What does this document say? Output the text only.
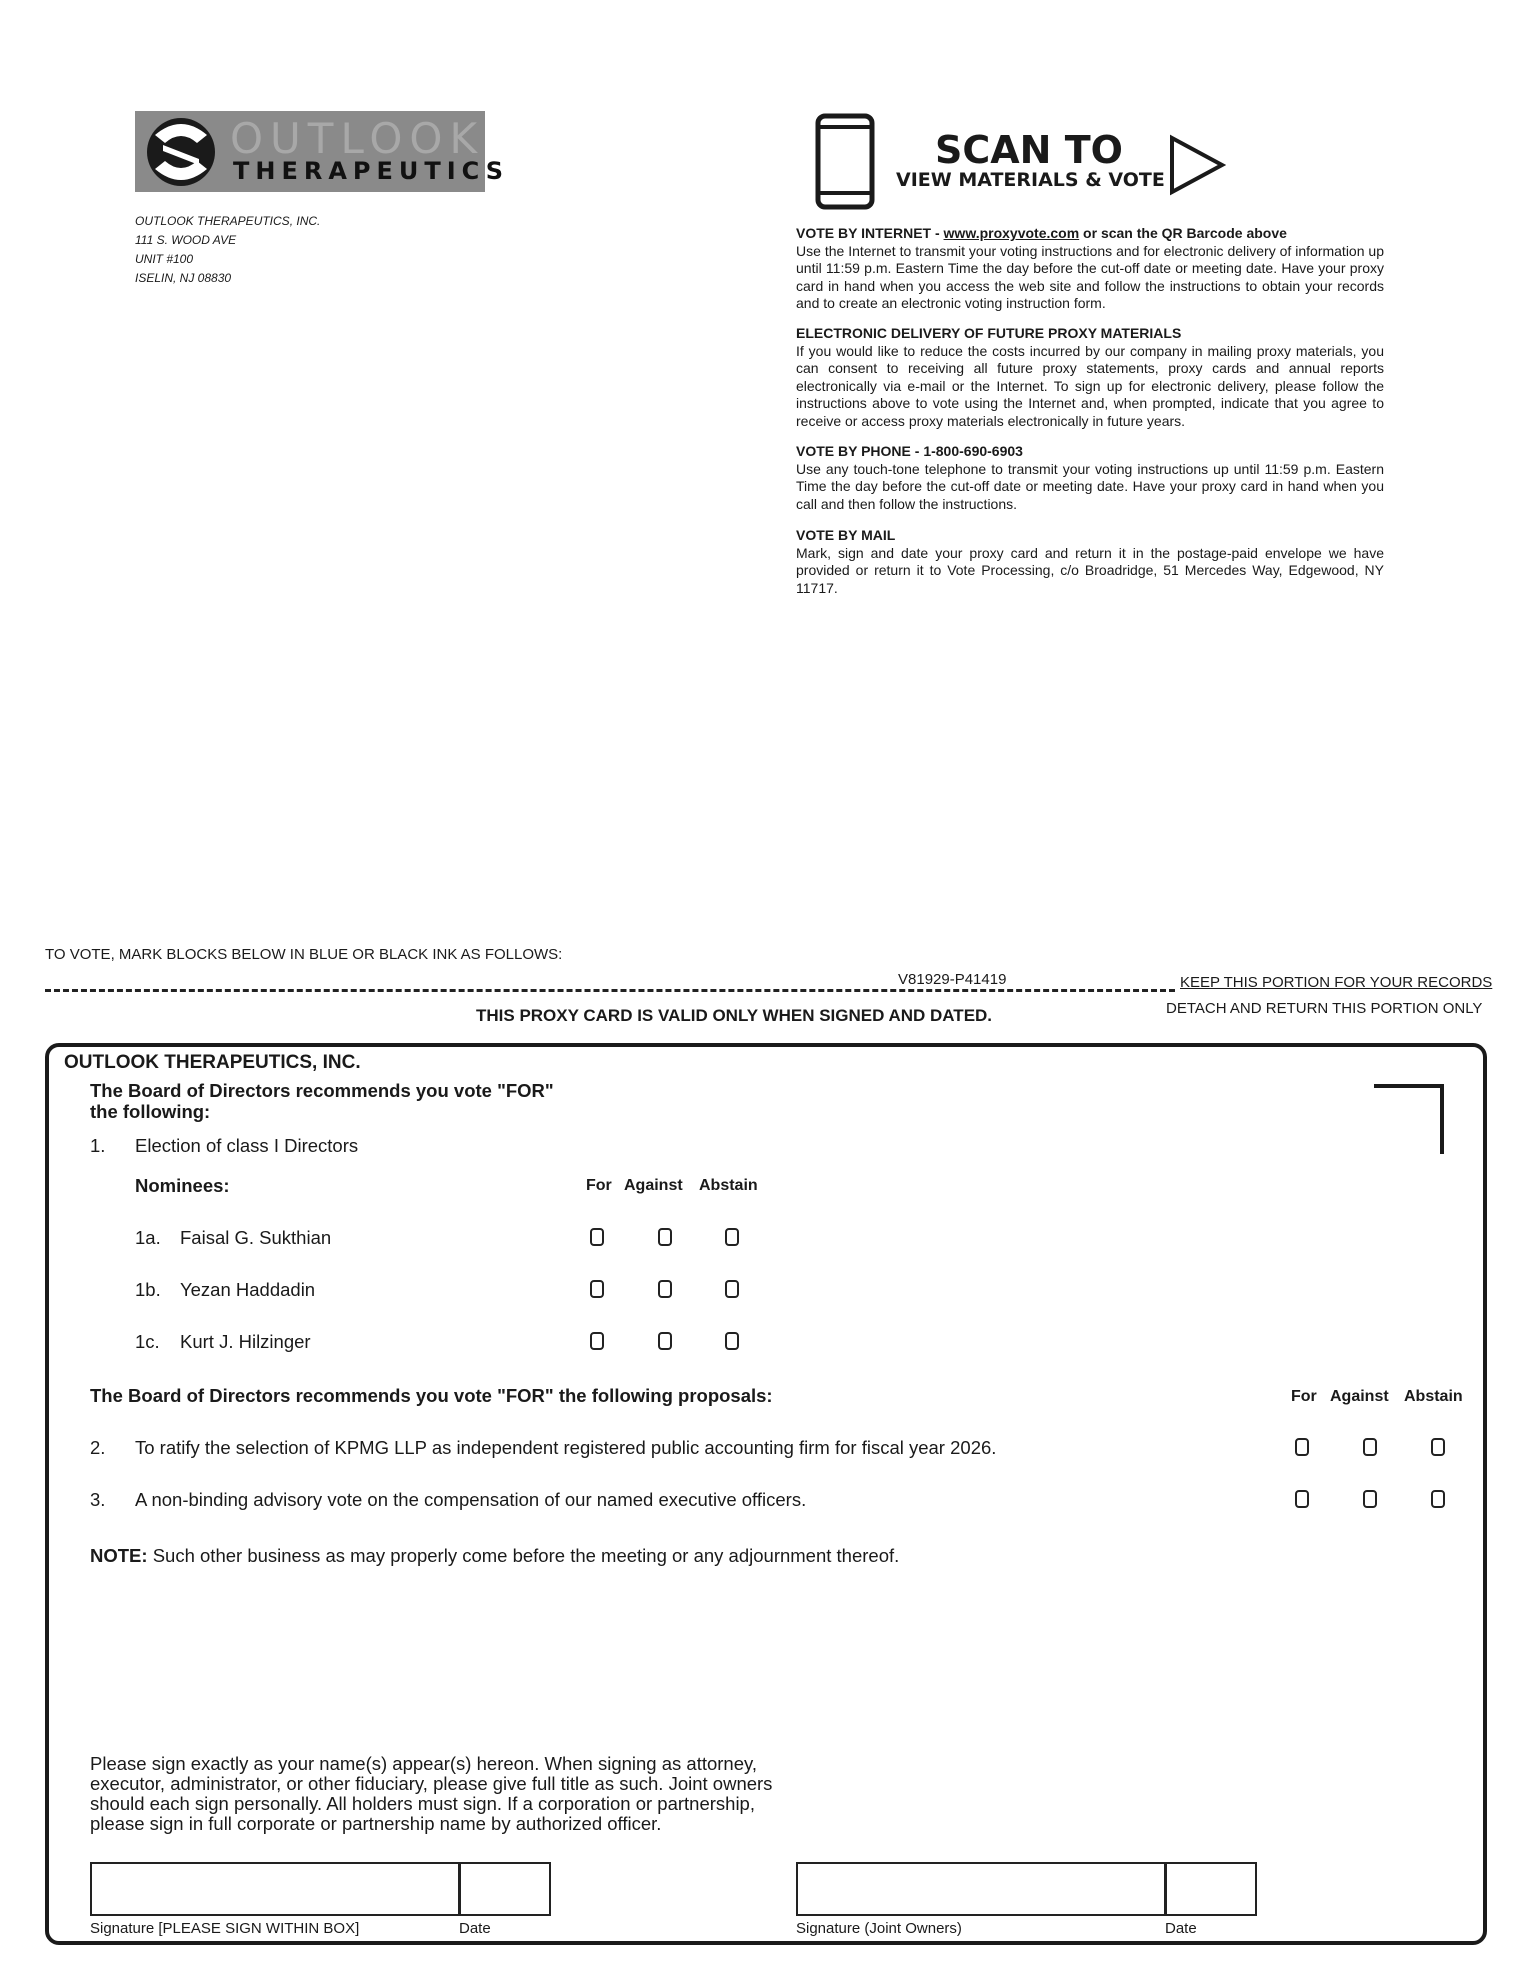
OUTLOOK
THERAPEUTICS
OUTLOOK THERAPEUTICS, INC.
111 S. WOOD AVE
UNIT #100
ISELIN, NJ 08830
SCAN TO
VIEW MATERIALS & VOTE
VOTE BY INTERNET - www.proxyvote.com or scan the QR Barcode above
Use the Internet to transmit your voting instructions and for electronic delivery of information up until 11:59 p.m. Eastern Time the day before the cut-off date or meeting date. Have your proxy card in hand when you access the web site and follow the instructions to obtain your records and to create an electronic voting instruction form.
ELECTRONIC DELIVERY OF FUTURE PROXY MATERIALS
If you would like to reduce the costs incurred by our company in mailing proxy materials, you can consent to receiving all future proxy statements, proxy cards and annual reports electronically via e-mail or the Internet. To sign up for electronic delivery, please follow the instructions above to vote using the Internet and, when prompted, indicate that you agree to receive or access proxy materials electronically in future years.
VOTE BY PHONE - 1-800-690-6903
Use any touch-tone telephone to transmit your voting instructions up until 11:59 p.m. Eastern Time the day before the cut-off date or meeting date. Have your proxy card in hand when you call and then follow the instructions.
VOTE BY MAIL
Mark, sign and date your proxy card and return it in the postage-paid envelope we have provided or return it to Vote Processing, c/o Broadridge, 51 Mercedes Way, Edgewood, NY 11717.
TO VOTE, MARK BLOCKS BELOW IN BLUE OR BLACK INK AS FOLLOWS:
V81929-P41419	KEEP THIS PORTION FOR YOUR RECORDS
DETACH AND RETURN THIS PORTION ONLY
THIS PROXY CARD IS VALID ONLY WHEN SIGNED AND DATED.
OUTLOOK THERAPEUTICS, INC.
The Board of Directors recommends you vote "FOR" the following:
1. Election of class I Directors
Nominees:	For Against Abstain
1a. Faisal G. Sukthian
1b. Yezan Haddadin
1c. Kurt J. Hilzinger
The Board of Directors recommends you vote "FOR" the following proposals:	For Against Abstain
2. To ratify the selection of KPMG LLP as independent registered public accounting firm for fiscal year 2026.
3. A non-binding advisory vote on the compensation of our named executive officers.
NOTE: Such other business as may properly come before the meeting or any adjournment thereof.
Please sign exactly as your name(s) appear(s) hereon. When signing as attorney, executor, administrator, or other fiduciary, please give full title as such. Joint owners should each sign personally. All holders must sign. If a corporation or partnership, please sign in full corporate or partnership name by authorized officer.
Signature [PLEASE SIGN WITHIN BOX]	Date	Signature (Joint Owners)	Date
